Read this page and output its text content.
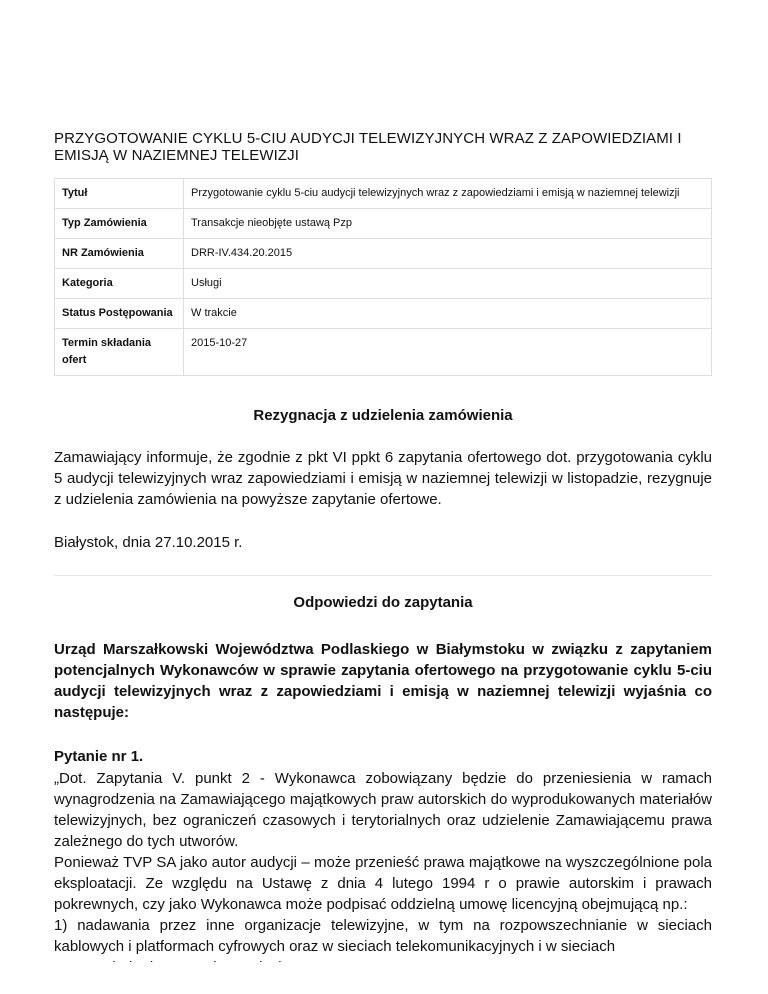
PRZYGOTOWANIE CYKLU 5-CIU AUDYCJI TELEWIZYJNYCH WRAZ Z ZAPOWIEDZIAMI I EMISJĄ W NAZIEMNEJ TELEWIZJI
Tytuł	Przygotowanie cyklu 5-ciu audycji telewizyjnych wraz z zapowiedziami i emisją w naziemnej telewizji
Typ Zamówienia	Transakcje nieobjęte ustawą Pzp
NR Zamówienia	DRR-IV.434.20.2015
Kategoria	Usługi
Status Postępowania	W trakcie
Termin składania ofert	2015-10-27
Rezygnacja z udzielenia zamówienia

Zamawiający informuje, że zgodnie z pkt VI ppkt 6 zapytania ofertowego dot. przygotowania cyklu 5 audycji telewizyjnych wraz zapowiedziami i emisją w naziemnej telewizji w listopadzie, rezygnuje z udzielenia zamówienia na powyższe zapytanie ofertowe.

Białystok, dnia 27.10.2015 r.

Odpowiedzi do zapytania

Urząd Marszałkowski Województwa Podlaskiego w Białymstoku w związku z zapytaniem potencjalnych Wykonawców w sprawie zapytania ofertowego na przygotowanie cyklu 5-ciu audycji telewizyjnych wraz z zapowiedziami i emisją w naziemnej telewizji wyjaśnia co następuje:

Pytanie nr 1.

„Dot. Zapytania V. punkt 2 - Wykonawca zobowiązany będzie do przeniesienia w ramach wynagrodzenia na Zamawiającego majątkowych praw autorskich do wyprodukowanych materiałów telewizyjnych, bez ograniczeń czasowych i terytorialnych oraz udzielenie Zamawiającemu prawa zależnego do tych utworów.

Ponieważ TVP SA jako autor audycji – może przenieść prawa majątkowe na wyszczególnione pola eksploatacji. Ze względu na Ustawę z dnia 4 lutego 1994 r o prawie autorskim i prawach pokrewnych, czy jako Wykonawca może podpisać oddzielną umowę licencyjną obejmującą np.:

1) nadawania przez inne organizacje telewizyjne, w tym na rozpowszechnianie w sieciach kablowych i platformach cyfrowych oraz w sieciach telekomunikacyjnych i w sieciach
